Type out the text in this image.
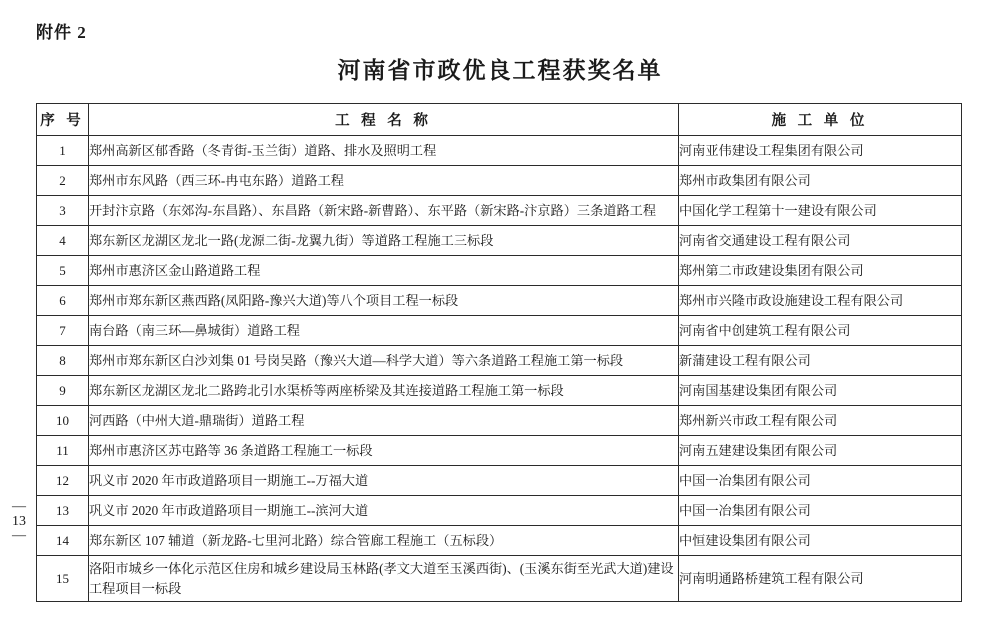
附件 2
河南省市政优良工程获奖名单
— 13 —
序 号	工 程 名 称	施 工 单 位
1	郑州高新区郁香路（冬青街-玉兰街）道路、排水及照明工程	河南亚伟建设工程集团有限公司
2	郑州市东风路（西三环-冉屯东路）道路工程	郑州市政集团有限公司
3	开封汴京路（东郊沟-东昌路）、东昌路（新宋路-新曹路）、东平路（新宋路-汴京路）三条道路工程	中国化学工程第十一建设有限公司
4	郑东新区龙湖区龙北一路(龙源二街-龙翼九街）等道路工程施工三标段	河南省交通建设工程有限公司
5	郑州市惠济区金山路道路工程	郑州第二市政建设集团有限公司
6	郑州市郑东新区燕西路(凤阳路-豫兴大道)等八个项目工程一标段	郑州市兴隆市政设施建设工程有限公司
7	南台路（南三环—鼻城街）道路工程	河南省中创建筑工程有限公司
8	郑州市郑东新区白沙刘集 01 号岗吴路（豫兴大道—科学大道）等六条道路工程施工第一标段	新蒲建设工程有限公司
9	郑东新区龙湖区龙北二路跨北引水渠桥等两座桥梁及其连接道路工程施工第一标段	河南国基建设集团有限公司
10	河西路（中州大道-鼎瑞街）道路工程	郑州新兴市政工程有限公司
11	郑州市惠济区苏屯路等 36 条道路工程施工一标段	河南五建建设集团有限公司
12	巩义市 2020 年市政道路项目一期施工--万福大道	中国一冶集团有限公司
13	巩义市 2020 年市政道路项目一期施工--滨河大道	中国一冶集团有限公司
14	郑东新区 107 辅道（新龙路-七里河北路）综合管廊工程施工（五标段）	中恒建设集团有限公司
15	洛阳市城乡一体化示范区住房和城乡建设局玉林路(孝文大道至玉溪西街)、(玉溪东街至光武大道)建设工程项目一标段	河南明通路桥建筑工程有限公司
